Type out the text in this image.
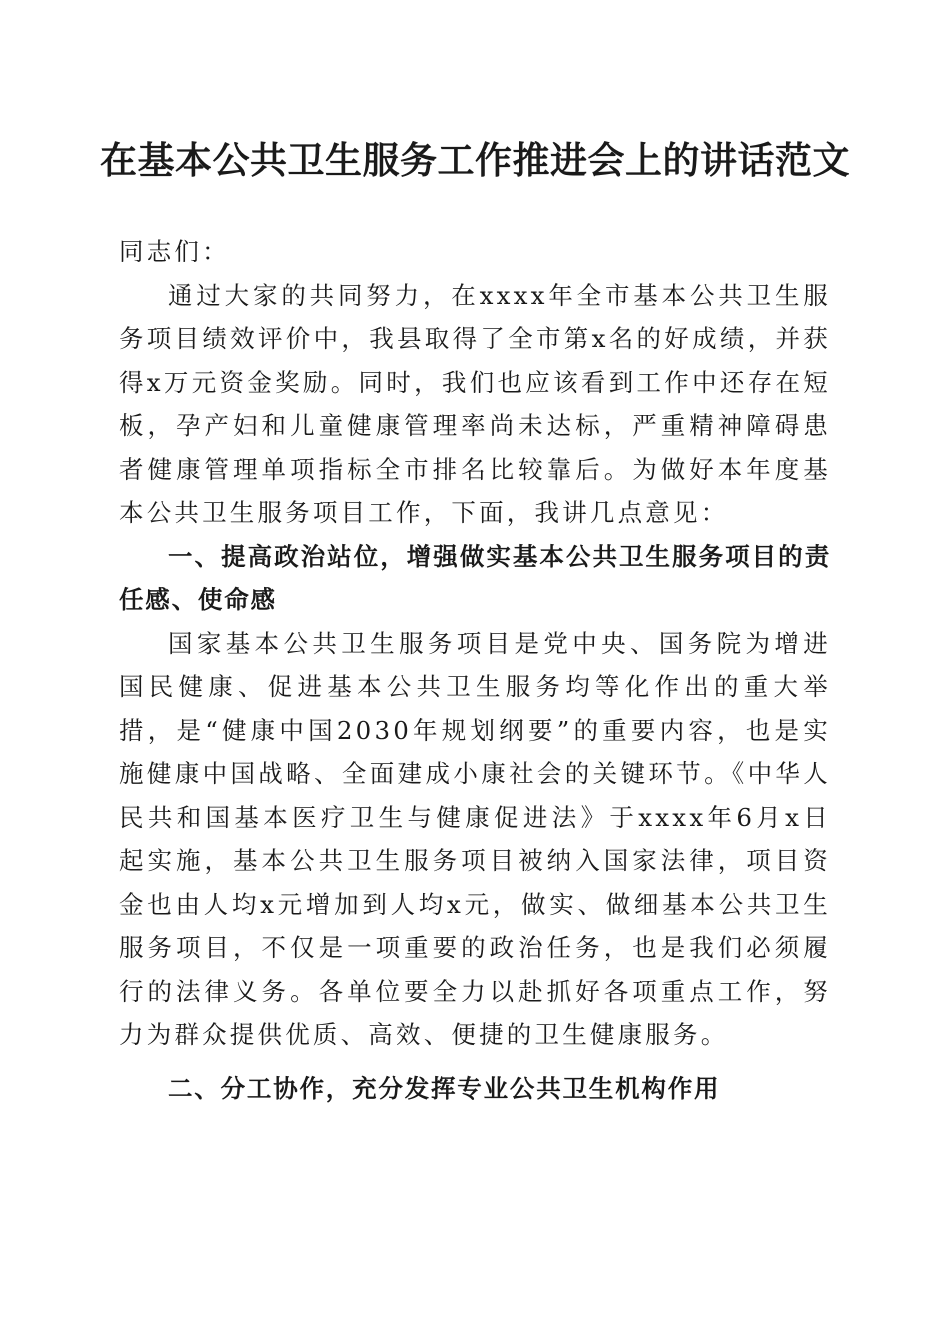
在基本公共卫生服务工作推进会上的讲话范文

同志们：

通过大家的共同努力，在xxxx年全市基本公共卫生服务项目绩效评价中，我县取得了全市第x名的好成绩，并获得x万元资金奖励。同时，我们也应该看到工作中还存在短板，孕产妇和儿童健康管理率尚未达标，严重精神障碍患者健康管理单项指标全市排名比较靠后。为做好本年度基本公共卫生服务项目工作，下面，我讲几点意见：

一、提高政治站位，增强做实基本公共卫生服务项目的责任感、使命感

国家基本公共卫生服务项目是党中央、国务院为增进国民健康、促进基本公共卫生服务均等化作出的重大举措，是“健康中国2030年规划纲要”的重要内容，也是实施健康中国战略、全面建成小康社会的关键环节。《中华人民共和国基本医疗卫生与健康促进法》于xxxx年6月x日起实施，基本公共卫生服务项目被纳入国家法律，项目资金也由人均x元增加到人均x元，做实、做细基本公共卫生服务项目，不仅是一项重要的政治任务，也是我们必须履行的法律义务。各单位要全力以赴抓好各项重点工作，努力为群众提供优质、高效、便捷的卫生健康服务。

二、分工协作，充分发挥专业公共卫生机构作用
